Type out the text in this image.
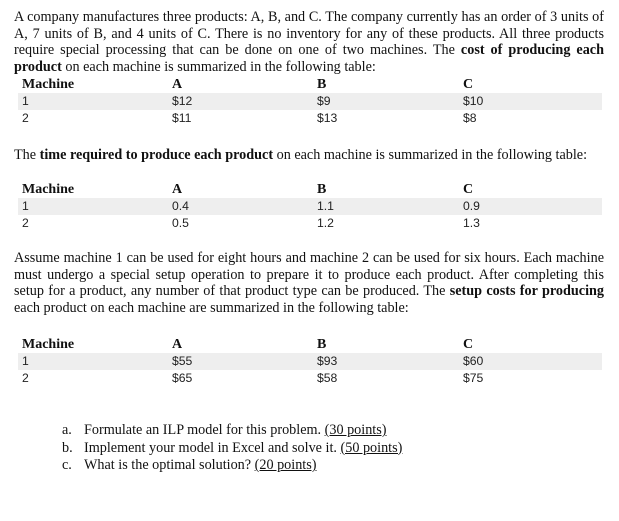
A company manufactures three products: A, B, and C. The company currently has an order of 3 units of A, 7 units of B, and 4 units of C. There is no inventory for any of these products. All three products require special processing that can be done on one of two machines. The cost of producing each product on each machine is summarized in the following table:

Machine	A	B	C
1	$12	$9	$10
2	$11	$13	$8

The time required to produce each product on each machine is summarized in the following table:

Machine	A	B	C
1	0.4	1.1	0.9
2	0.5	1.2	1.3

Assume machine 1 can be used for eight hours and machine 2 can be used for six hours. Each machine must undergo a special setup operation to prepare it to produce each product. After completing this setup for a product, any number of that product type can be produced. The setup costs for producing each product on each machine are summarized in the following table:

Machine	A	B	C
1	$55	$93	$60
2	$65	$58	$75
a. Formulate an ILP model for this problem. (30 points)
b. Implement your model in Excel and solve it. (50 points)
c. What is the optimal solution? (20 points)
